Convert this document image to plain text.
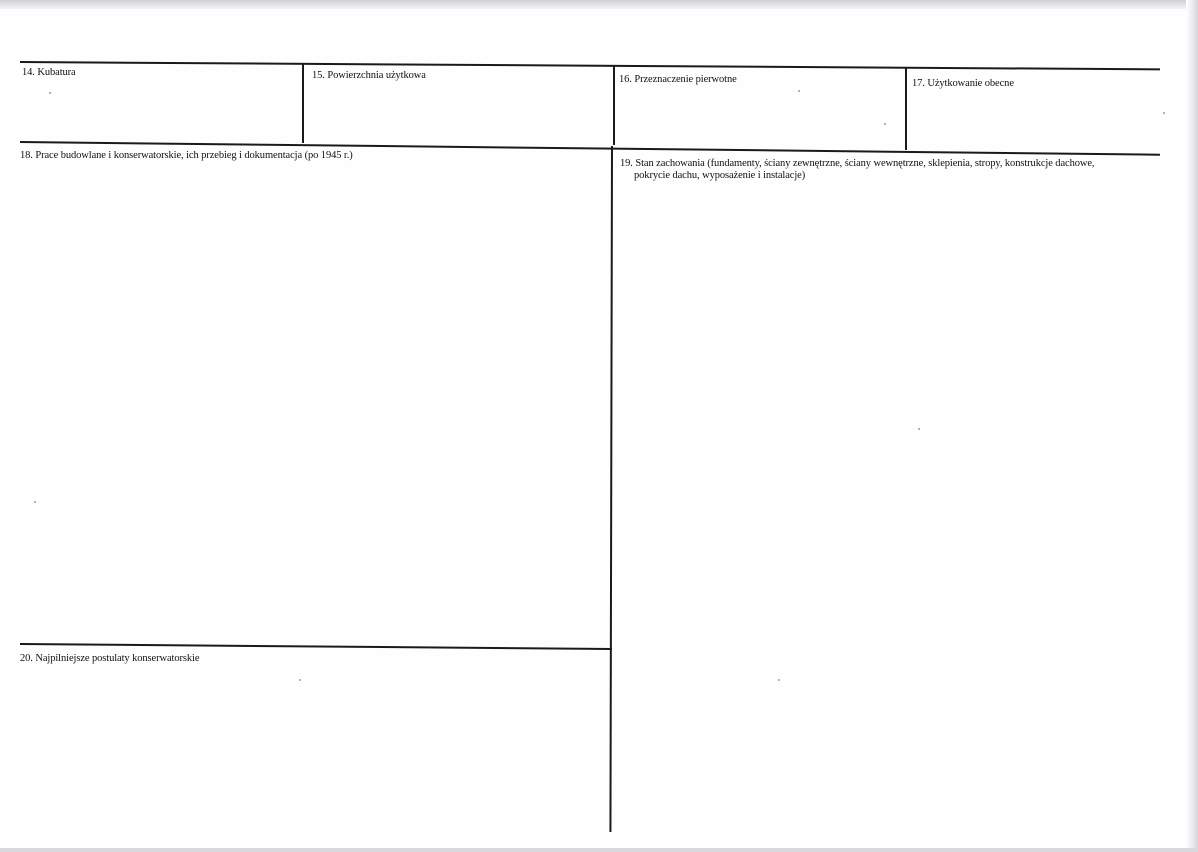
14. Kubatura	15. Powierzchnia użytkowa	16. Przeznaczenie pierwotne	17. Użytkowanie obecne
18. Prace budowlane i konserwatorskie, ich przebieg i dokumentacja (po 1945 r.)
19. Stan zachowania (fundamenty, ściany zewnętrzne, ściany wewnętrzne, sklepienia, stropy, konstrukcje dachowe,
pokrycie dachu, wyposażenie i instalacje)
20. Najpilniejsze postulaty konserwatorskie
